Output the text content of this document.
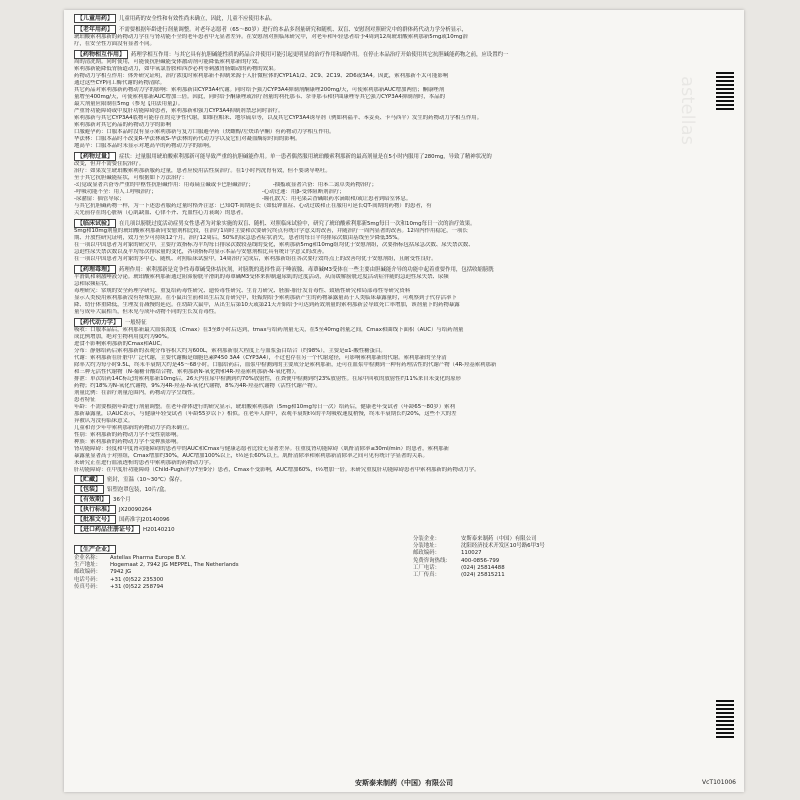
astellas
【儿童用药】 儿童用药的安全性和有效性尚未确立，因此，儿童不应使用本品。
【老年用药】 不需要根据年龄进行剂量调整。对老年志愿者（65～80岁）进行的本品多剂量研究和随机、双盲、安慰剂对照研究中的群体药代动力学分析显示，
琥珀酸索利那新的药物动力学在与肾功能不全的老年患者中无显著差异。在安慰剂对照临床研究中，对老年和年轻患者给予4周到12周琥珀酸索利那新5mg或10mg治
疗，在安全性方面没有显著不同。
【药物相互作用】 药理学相互作用：与其它具有抗胆碱能性质的药品合并使用可能引起更明显的治疗作用和副作用。在停止本品治疗开始使用其它抗胆碱能药物之前，应设置约一
周的清洗期。同时使用，可能使抗胆碱能受体激动剂可能降低索利那新的疗效。
索利那新能降低胃肠道动力，如甲氧氯普胺和西沙必利等刺激胃肠蠕动的药物的效果。
药物动力学相互作用：体外研究证明，治疗浓度时索利那新不抑制来源于人肝微粒体的CYP1A1/2、2C9、2C19、2D6或3A4。因此，索利那新不太可能影响
通过这些CYP同工酶代谢的药物清除。
其它药品对索利那新药物动力学的影响：索利那新由CYP3A4代谢。同时给予强力CYP3A4抑制剂酮康唑200mg/天，可使索利那新AUC增加两倍；酮康唑剂
量增至400mg/天，可使索利那新AUC增加三倍。因此，同时给予酮康唑或治疗剂量的利托那韦、奈非那韦和伊曲康唑等其它强力CYP3A4抑制剂时，本品的
最大剂量应限制在5mg（参见【用法用量】）。
严重肾功能障碍或中度肝功能障碍患者，索利那新和强力CYP3A4抑制剂禁忌同时治疗。
索利那新与其它CYP3A4底物可能存在的竞争性代谢，如维拉帕米、地尔硫卓等，以及其它CYP3A4诱导剂（例如利福平、苯妥英、卡马西平）发生的药物动力学相互作用。
索利那新对其它药品的药物动力学的影响
口服避孕药：口服本品时没有显示索利那新与复方口服避孕药（炔雌醇/左炔诺孕酮）有药物动力学相互作用。
华法林：口服本品时不改变R-华法林或S-华法林的药代动力学以及它们对凝血酶原时间的影响。
地高辛：口服本品时未显示对地高辛的药物动力学的影响。
【药物过量】 症状：过量服用琥珀酸索利那新可能导致严重的抗胆碱能作用。单一患者偶然服用琥珀酸索利那新的最高剂量是在5小时内服用了280mg，导致了精神状况的
改变，但并不需要住院治疗。
治疗：如果发生琥珀酸索利那新服药过量，患者应使用活性炭治疗。在1小时内洗胃有效，但不要诱导呕吐。
至于其它抗胆碱能症状，可根据如下方法治疗：
-幻觉或显著兴奋等严重的中枢性抗胆碱作用：用毒扁豆碱或卡巴胆碱治疗；　　　　-抽搐或显著兴奋：用苯二氮卓类药物治疗；
-呼吸功能不全：用人工呼吸治疗；　　　　　　　　　　　　　　　　　　　　-心动过速：用β-受体阻断剂治疗；
-尿潴留：插管导尿；　　　　　　　　　　　　　　　　　　　　　　　　　　-瞳孔散大：用毛果芸香碱眼药水滴眼和/或让患者到暗室休息。
与其它抗胆碱药物一样，为一下述患者服药过量时格外注意：已知QT-间期延长（如低钾血症、心动过缓和正在服用可延长QT-间期的药物）的患者，有
关先前存在的心脏病（心肌缺血、心律不齐、充血性心力衰竭）的患者。
【临床试验】 在几项以膀胱过度活动症男女性患者为对象实施的双盲、随机、对照临床试验中，研究了琥珀酸索利那新5mg每日一次和10mg每日一次的治疗效果。
5mg和10mg剂量的琥珀酸索利那新同安慰剂相比较，在治疗1周时主要和次要研究终点有统计学意义的改善，并随治疗一周内显著的改善。12周内作用稳定，一项长
期、开放性研究证明，效力至少可持续12个月。治疗12周后，50%的尿急患者症状消失，患者的每日平均排尿次数由基线至少降低35%。
在一项以中国患者为对象的研究中，主要疗效指标为平均每日排尿次数较基线的变化，索利那新5mg和10mg组均优于安慰剂组，次要指标包括尿急次数、尿失禁次数、
急迫性尿失禁次数以及平均每次排尿量的变化，各项指标均显示本品与安慰剂相比具有统计学意义的改善。
在一项以中国患者为对象的多中心、随机、对照临床试验中，14周治疗完成后，索利那新组在各次要疗效终点上的改善均优于安慰剂组，且耐受性良好。
【药理毒理】 药理作用：索利那新是竞争性毒蕈碱受体拮抗剂，对膀胱的选择性高于唾液腺。毒蕈碱M3受体在一些主要由胆碱能介导的功能中起着重要作用，包括收缩膀胱
平滑肌和刺激唾液分泌。琥珀酸索利那新通过阻滞膀胱平滑肌的毒蕈碱M3受体来抑制逼尿肌的过度活动，从而缓解膀胱过度活动症伴随的急迫性尿失禁、尿频
急和尿频症状。
毒理研究：常规的安全药理学研究、重复给药毒性研究、遗传毒性研究、生育力研究、胚胎-胎仔发育毒性、致癌性研究和局部毒性等研究资料
显示人类使用索利那新没有特殊危险。在小鼠出生前和出生后发育研究中，妊娠期给予索利那新产生的药物暴露量高于人类临床暴露量时，可观察到子代存活率下
降、幼仔体重降低，生理发育减慢的延迟。在幼龄大鼠中，从出生后第10天或第21天开始给予可达到药效剂量的索利那新会导致死亡率增加，该剂量下的药物暴露
量与成年大鼠相当，但未见与成年动物不同的生长发育毒性。
【药代动力学】 一般特征
吸收：口服本品后，索利那新最大血浆浓度（Cmax）在3至8小时后达到，tmax与给药剂量无关，在5至40mg剂量之间，Cmax和曲线下面积（AUC）与给药剂量
成比例增加，绝对生物利用度约为90%。
进食不影响索利那新的Cmax和AUC。
分布：静脉给药后索利那新的表观分布容积大约为600L，索利那新很大程度上与血浆蛋白结合（约98%），主要是α1-酸性糖蛋白。
代谢：索利那新在肝脏中广泛代谢，主要代谢酶是细胞色素P450 3A4（CYP3A4），不过也存在另一个代谢途径，可影响索利那新的代谢。索利那新的全身清
除率大约为每小时9.5L，终末半衰期大约是45～68小时。口服给药后，血浆中检测到的主要成分是索利那新，还可在血浆中检测到一种有药理活性的代谢产物（4R-羟基索利那新
和三种无活性代谢物（N-葡糖苷酸结合物、索利那新N-氧化物和4R-羟基索利那新-N-氧化物）。
排泄：单次给药14C标记的索利那新10mg后，26天内在尿中检测到约70%放射性，在粪便中检测到约23%放射性。在尿中回收的放射性约11%来自未变化的原形
药物；约18%为N-氧化代谢物，9%为4R-羟基-N-氧化代谢物，8%为4R-羟基代谢物（活性代谢产物）。
剂量比例：在治疗剂量范围内，药物动力学呈线性。
患者特征
年龄：不需要根据年龄进行剂量调整。在老年群体进行的研究显示，琥珀酸索利那新（5mg和10mg每日一次）给药后，健康老年受试者（年龄65～80岁）索利
那新暴露量，以AUC表示，与健康年轻受试者（年龄55岁以下）相似。在老年人群中，表观半衰期t½的平均吸收速度稍慢，终末半衰期长约20%，这些不大的差
异被认为没有临床意义。
儿童和青少年中索利那新的药物动力学尚未确立。
性别：索利那新的药物动力学不受性别影响。
种族：索利那新的药物动力学不受种族影响。
肾功能障碍：轻度和中度肾功能障碍的患者中的AUC和Cmax与健康志愿者比较无显著差异。在重度肾功能障碍（肌酐清除率≤30ml/min）的患者，索利那新
暴露量显著高于对照组，Cmax增加约30%，AUC增加100%以上，t½延长60%以上。肌酐清除率和索利那新清除率之间可见有统计学显著的关系。
未研究正在进行血液透析的患者中索利那新的药物动力学。
肝功能障碍：在中度肝功能障碍（Child-Pugh评分7至9分）患者，Cmax不受影响，AUC增加60%，t½增加一倍。未研究重度肝功能障碍患者中索利那新的药物动力学。
【贮藏】 密封，室温（10~30℃）保存。
【包装】 铝塑泡罩包装，10片/盒。
【有效期】 36个月
【执行标准】 JX20090264
【批准文号】 国药准字J20140096
【进口药品注册证号】 H20140210
【生产企业】
企业名称： Astellas Pharma Europe B.V.
生产地址： Hogemaat 2, 7942 JG MEPPEL, The Netherlands
邮政编码： 7942 JG
电话号码： +31 (0)522 235300
传真号码： +31 (0)522 258794
分装企业：	安斯泰来制药（中国）有限公司
分装地址：	沈阳经济技术开发区10号路6甲3号
邮政编码：	110027
免费咨询热线： 400-0856-799
工厂电话：	(024) 25814488
工厂传真：	(024) 25815211
安斯泰来制药（中国）有限公司	VcT101006
